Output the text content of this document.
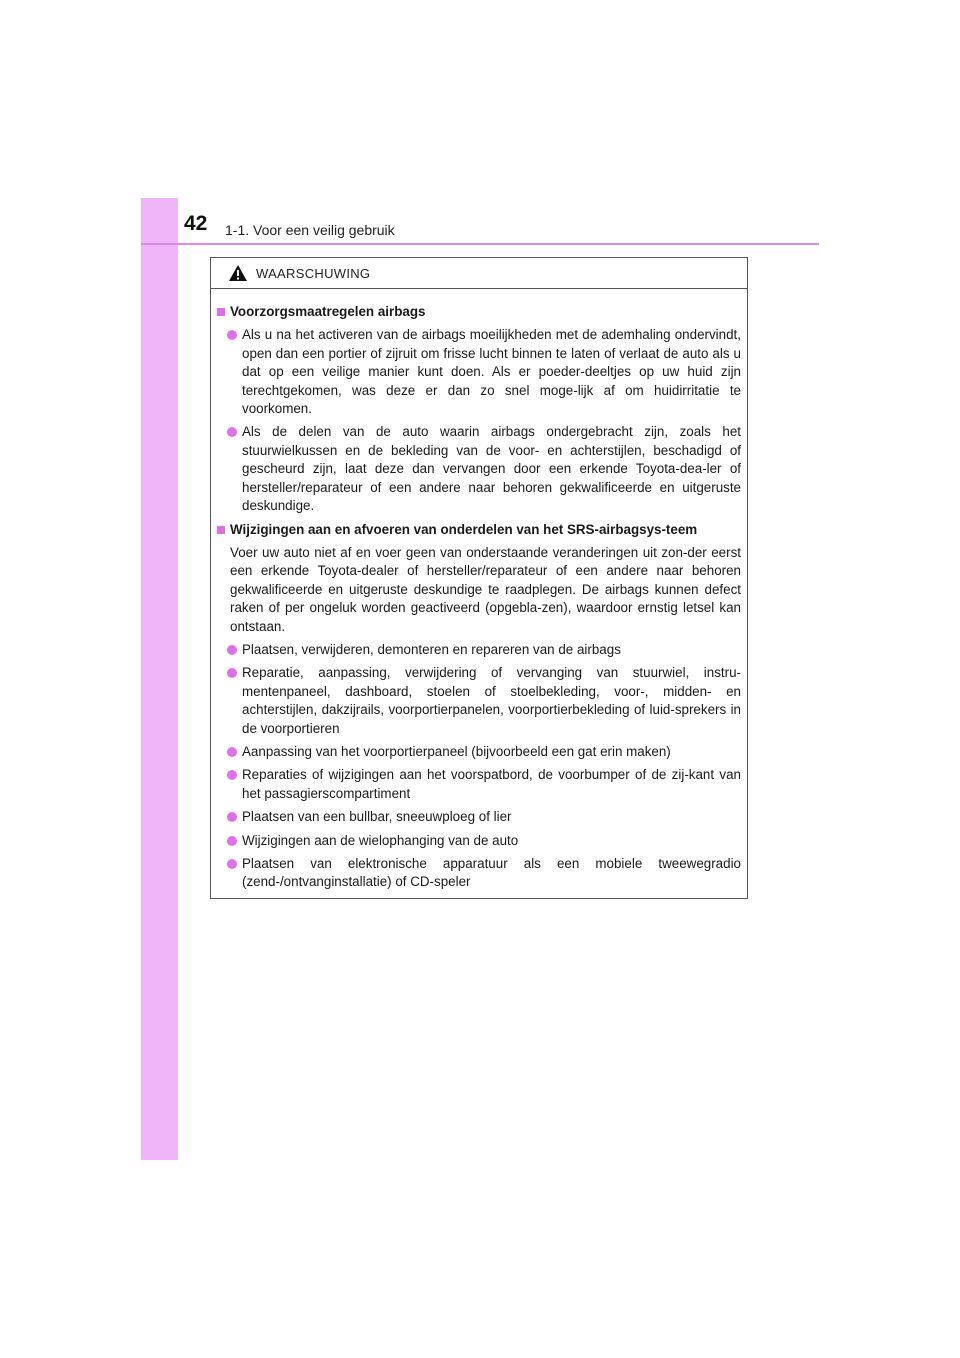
42 1-1. Voor een veilig gebruik
WAARSCHUWING
Voorzorgsmaatregelen airbags
Als u na het activeren van de airbags moeilijkheden met de ademhaling ondervindt, open dan een portier of zijruit om frisse lucht binnen te laten of verlaat de auto als u dat op een veilige manier kunt doen. Als er poeder-deeltjes op uw huid zijn terechtgekomen, was deze er dan zo snel moge-lijk af om huidirritatie te voorkomen.
Als de delen van de auto waarin airbags ondergebracht zijn, zoals het stuurwielkussen en de bekleding van de voor- en achterstijlen, beschadigd of gescheurd zijn, laat deze dan vervangen door een erkende Toyota-dea-ler of hersteller/reparateur of een andere naar behoren gekwalificeerde en uitgeruste deskundige.
Wijzigingen aan en afvoeren van onderdelen van het SRS-airbagsys-teem
Voer uw auto niet af en voer geen van onderstaande veranderingen uit zon-der eerst een erkende Toyota-dealer of hersteller/reparateur of een andere naar behoren gekwalificeerde en uitgeruste deskundige te raadplegen. De airbags kunnen defect raken of per ongeluk worden geactiveerd (opgebla-zen), waardoor ernstig letsel kan ontstaan.
Plaatsen, verwijderen, demonteren en repareren van de airbags
Reparatie, aanpassing, verwijdering of vervanging van stuurwiel, instru-mentenpaneel, dashboard, stoelen of stoelbekleding, voor-, midden- en achterstijlen, dakzijrails, voorportierpanelen, voorportierbekleding of luid-sprekers in de voorportieren
Aanpassing van het voorportierpaneel (bijvoorbeeld een gat erin maken)
Reparaties of wijzigingen aan het voorspatbord, de voorbumper of de zij-kant van het passagierscompartiment
Plaatsen van een bullbar, sneeuwploeg of lier
Wijzigingen aan de wielophanging van de auto
Plaatsen van elektronische apparatuur als een mobiele tweewegradio (zend-/ontvanginstallatie) of CD-speler
